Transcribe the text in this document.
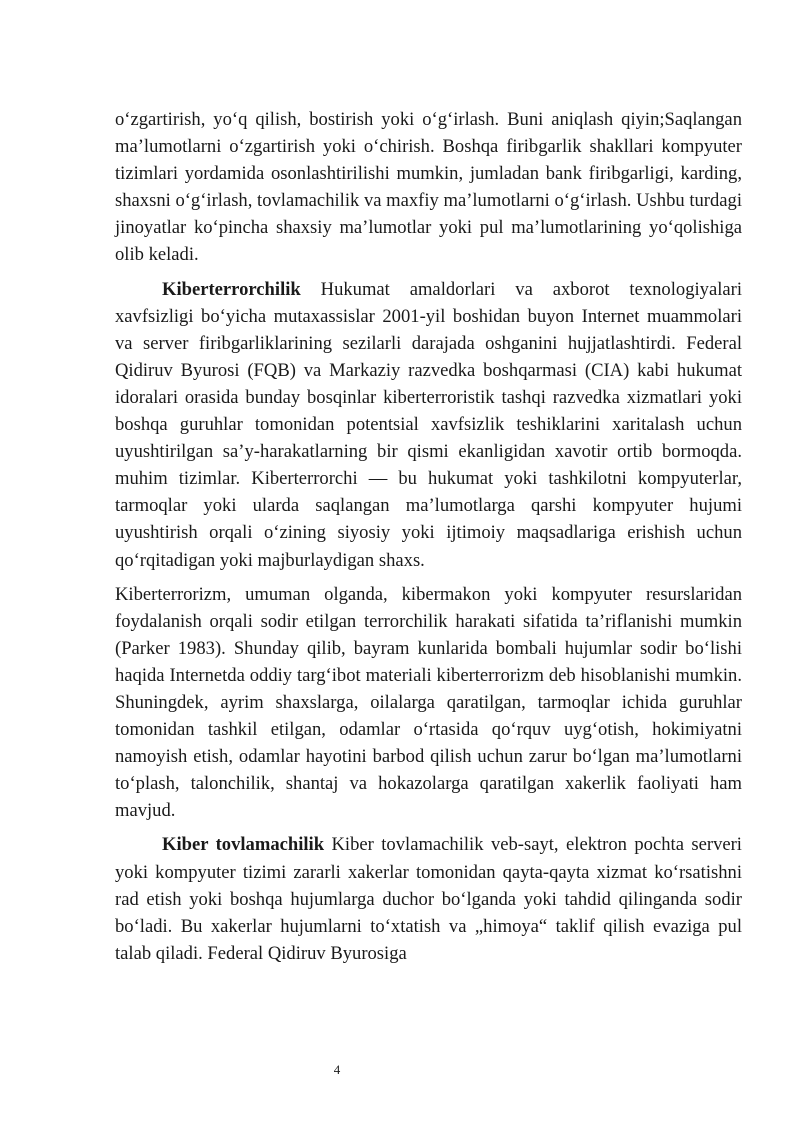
oʻzgartirish, yoʻq qilish, bostirish yoki oʻgʻirlash. Buni aniqlash qiyin;Saqlangan ma’lumotlarni oʻzgartirish yoki oʻchirish. Boshqa firibgarlik shakllari kompyuter tizimlari yordamida osonlashtirilishi mumkin, jumladan bank firibgarligi, karding, shaxsni oʻgʻirlash, tovlamachilik va maxfiy ma’lumotlarni oʻgʻirlash. Ushbu turdagi jinoyatlar koʻpincha shaxsiy ma’lumotlar yoki pul ma’lumotlarining yoʻqolishiga olib keladi.

Kiberterrorchilik Hukumat amaldorlari va axborot texnologiyalari xavfsizligi boʻyicha mutaxassislar 2001-yil boshidan buyon Internet muammolari va server firibgarliklarining sezilarli darajada oshganini hujjatlashtirdi. Federal Qidiruv Byurosi (FQB) va Markaziy razvedka boshqarmasi (CIA) kabi hukumat idoralari orasida bunday bosqinlar kiberterroristik tashqi razvedka xizmatlari yoki boshqa guruhlar tomonidan potentsial xavfsizlik teshiklarini xaritalash uchun uyushtirilgan sa’y-harakatlarning bir qismi ekanligidan xavotir ortib bormoqda. muhim tizimlar. Kiberterrorchi — bu hukumat yoki tashkilotni kompyuterlar, tarmoqlar yoki ularda saqlangan ma’lumotlarga qarshi kompyuter hujumi uyushtirish orqali oʻzining siyosiy yoki ijtimoiy maqsadlariga erishish uchun qoʻrqitadigan yoki majburlaydigan shaxs.

Kiberterrorizm, umuman olganda, kibermakon yoki kompyuter resurslaridan foydalanish orqali sodir etilgan terrorchilik harakati sifatida ta’riflanishi mumkin (Parker 1983). Shunday qilib, bayram kunlarida bombali hujumlar sodir boʻlishi haqida Internetda oddiy targʻibot materiali kiberterrorizm deb hisoblanishi mumkin. Shuningdek, ayrim shaxslarga, oilalarga qaratilgan, tarmoqlar ichida guruhlar tomonidan tashkil etilgan, odamlar oʻrtasida qoʻrquv uygʻotish, hokimiyatni namoyish etish, odamlar hayotini barbod qilish uchun zarur boʻlgan ma’lumotlarni toʻplash, talonchilik, shantaj va hokazolarga qaratilgan xakerlik faoliyati ham mavjud.

Kiber tovlamachilik Kiber tovlamachilik veb-sayt, elektron pochta serveri yoki kompyuter tizimi zararli xakerlar tomonidan qayta-qayta xizmat koʻrsatishni rad etish yoki boshqa hujumlarga duchor boʻlganda yoki tahdid qilinganda sodir boʻladi. Bu xakerlar hujumlarni toʻxtatish va „himoya“ taklif qilish evaziga pul talab qiladi. Federal Qidiruv Byurosiga

4
